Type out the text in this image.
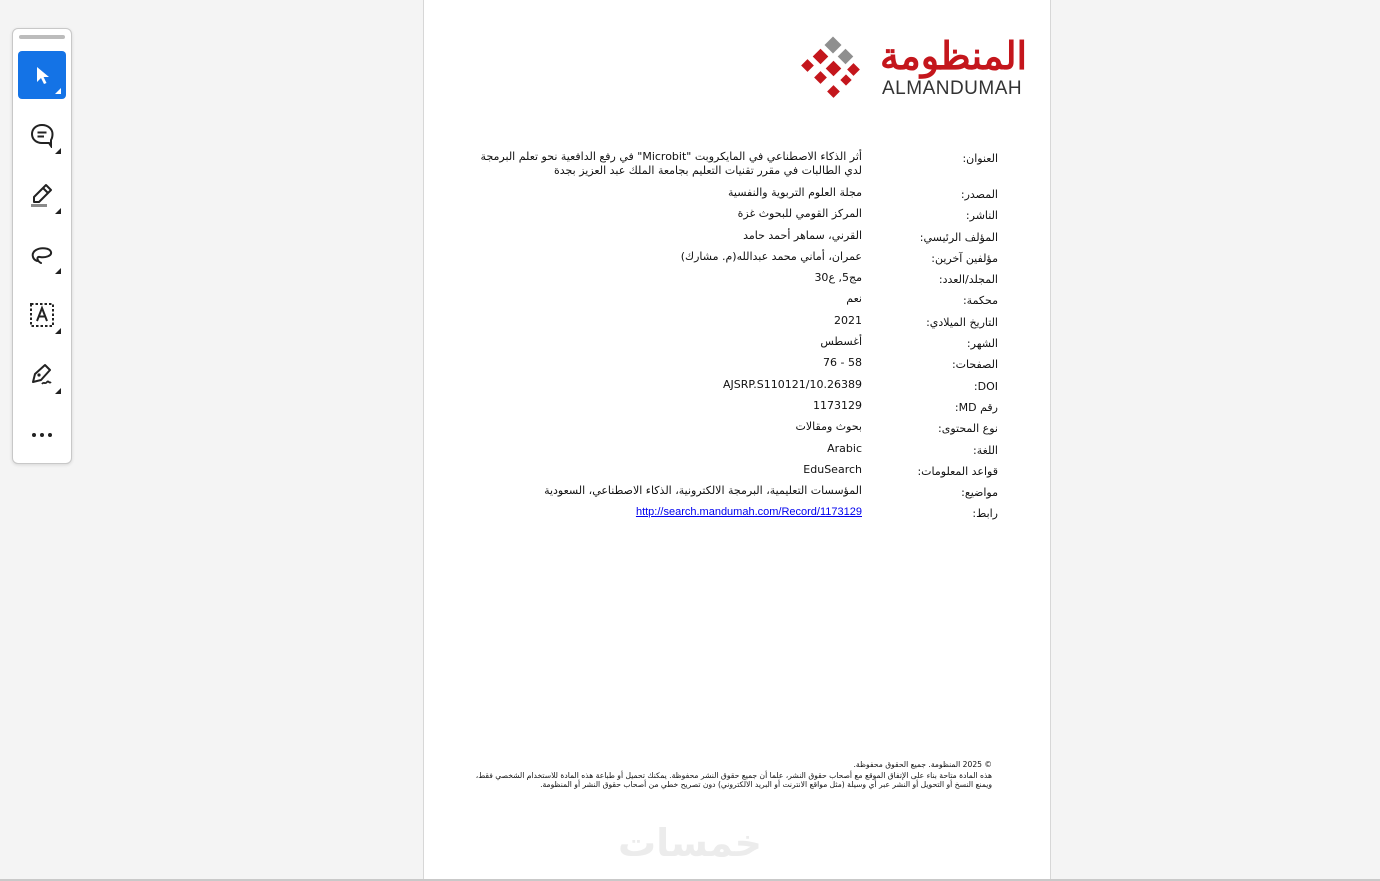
المنظومة
ALMANDUMAH
العنوان:
أثر الذكاء الاصطناعي في المايكروبت "Microbit" في رفع الدافعية نحو تعلم البرمجة لدي الطالبات في مقرر تقنيات التعليم بجامعة الملك عبد العزيز بجدة
المصدر:
مجلة العلوم التربوية والنفسية
الناشر:
المركز القومي للبحوث غزة
المؤلف الرئيسي:
القرني، سماهر أحمد حامد
مؤلفين آخرين:
عمران، أماني محمد عبدالله(م. مشارك)
المجلد/العدد:
مج5, ع30
محكمة:
نعم
التاريخ الميلادي:
2021
الشهر:
أغسطس
الصفحات:
58 - 76
DOI:
10.26389/AJSRP.S110121
رقم MD:
1173129
نوع المحتوى:
بحوث ومقالات
اللغة:
Arabic
قواعد المعلومات:
EduSearch
مواضيع:
المؤسسات التعليمية، البرمجة الالكترونية، الذكاء الاصطناعي، السعودية
رابط:
http://search.mandumah.com/Record/1173129
© 2025 المنظومة. جميع الحقوق محفوظة.
هذه المادة متاحة بناء على الإتفاق الموقع مع أصحاب حقوق النشر، علما أن جميع حقوق النشر محفوظة. يمكنك تحميل أو طباعة هذه المادة للاستخدام الشخصي فقط، ويمنع النسخ أو التحويل أو النشر عبر أي وسيلة (مثل مواقع الانترنت أو البريد الالكتروني) دون تصريح خطي من أصحاب حقوق النشر أو المنظومة.
خمسات
